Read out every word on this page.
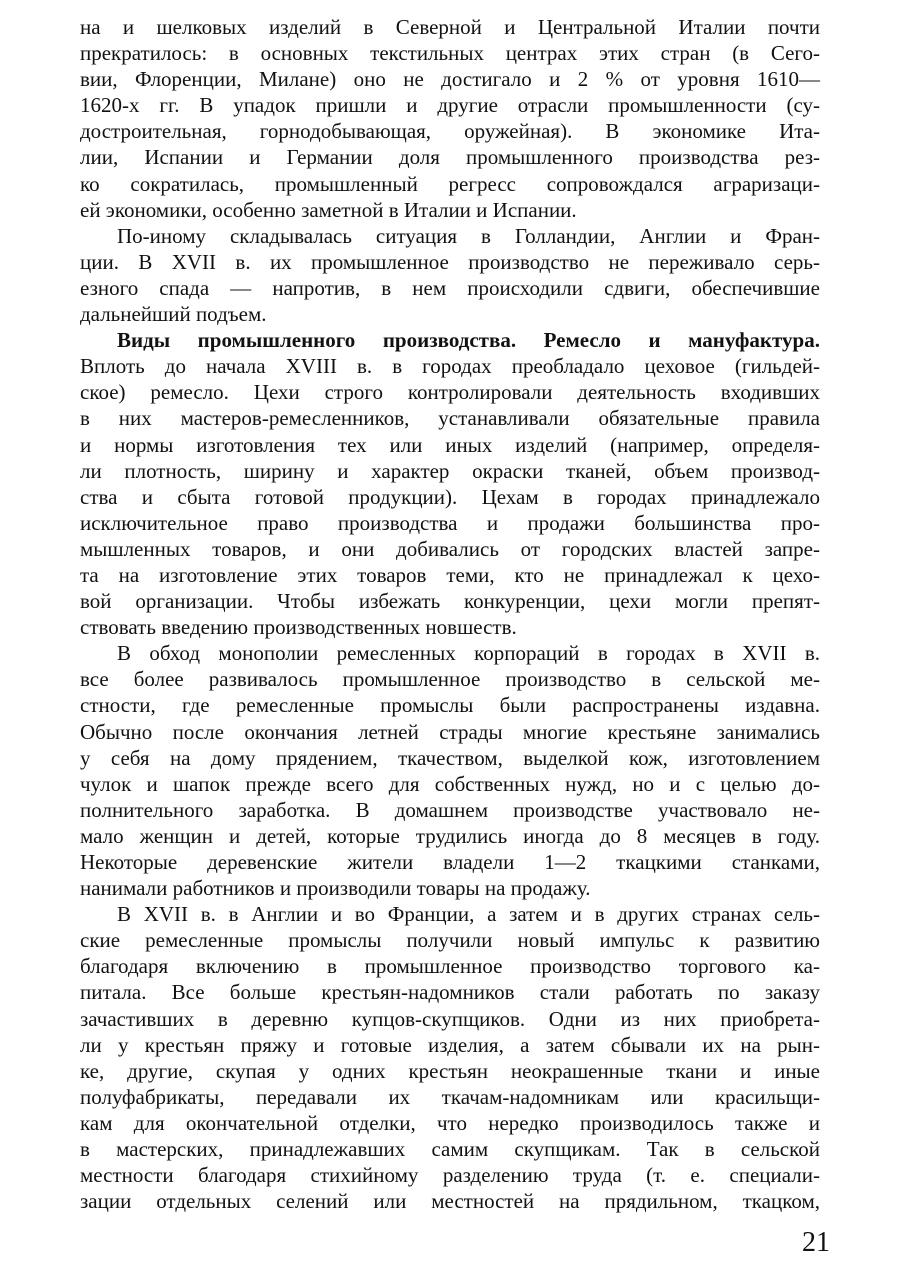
на и шелковых изделий в Северной и Центральной Италии почти
прекратилось: в основных текстильных центрах этих стран (в Сего-
вии, Флоренции, Милане) оно не достигало и 2 % от уровня 1610—
1620-х гг. В упадок пришли и другие отрасли промышленности (су-
достроительная, горнодобывающая, оружейная). В экономике Ита-
лии, Испании и Германии доля промышленного производства рез-
ко сократилась, промышленный регресс сопровождался аграризаци-
ей экономики, особенно заметной в Италии и Испании.
По-иному складывалась ситуация в Голландии, Англии и Фран-
ции. В XVII в. их промышленное производство не переживало серь-
езного спада — напротив, в нем происходили сдвиги, обеспечившие
дальнейший подъем.
Виды промышленного производства. Ремесло и мануфактура.
Вплоть до начала XVIII в. в городах преобладало цеховое (гильдей-
ское) ремесло. Цехи строго контролировали деятельность входивших
в них мастеров-ремесленников, устанавливали обязательные правила
и нормы изготовления тех или иных изделий (например, определя-
ли плотность, ширину и характер окраски тканей, объем производ-
ства и сбыта готовой продукции). Цехам в городах принадлежало
исключительное право производства и продажи большинства про-
мышленных товаров, и они добивались от городских властей запре-
та на изготовление этих товаров теми, кто не принадлежал к цехо-
вой организации. Чтобы избежать конкуренции, цехи могли препят-
ствовать введению производственных новшеств.
В обход монополии ремесленных корпораций в городах в XVII в.
все более развивалось промышленное производство в сельской ме-
стности, где ремесленные промыслы были распространены издавна.
Обычно после окончания летней страды многие крестьяне занимались
у себя на дому прядением, ткачеством, выделкой кож, изготовлением
чулок и шапок прежде всего для собственных нужд, но и с целью до-
полнительного заработка. В домашнем производстве участвовало не-
мало женщин и детей, которые трудились иногда до 8 месяцев в году.
Некоторые деревенские жители владели 1—2 ткацкими станками,
нанимали работников и производили товары на продажу.
В XVII в. в Англии и во Франции, а затем и в других странах сель-
ские ремесленные промыслы получили новый импульс к развитию
благодаря включению в промышленное производство торгового ка-
питала. Все больше крестьян-надомников стали работать по заказу
зачастивших в деревню купцов-скупщиков. Одни из них приобрета-
ли у крестьян пряжу и готовые изделия, а затем сбывали их на рын-
ке, другие, скупая у одних крестьян неокрашенные ткани и иные
полуфабрикаты, передавали их ткачам-надомникам или красильщи-
кам для окончательной отделки, что нередко производилось также и
в мастерских, принадлежавших самим скупщикам. Так в сельской
местности благодаря стихийному разделению труда (т. е. специали-
зации отдельных селений или местностей на прядильном, ткацком,
21
